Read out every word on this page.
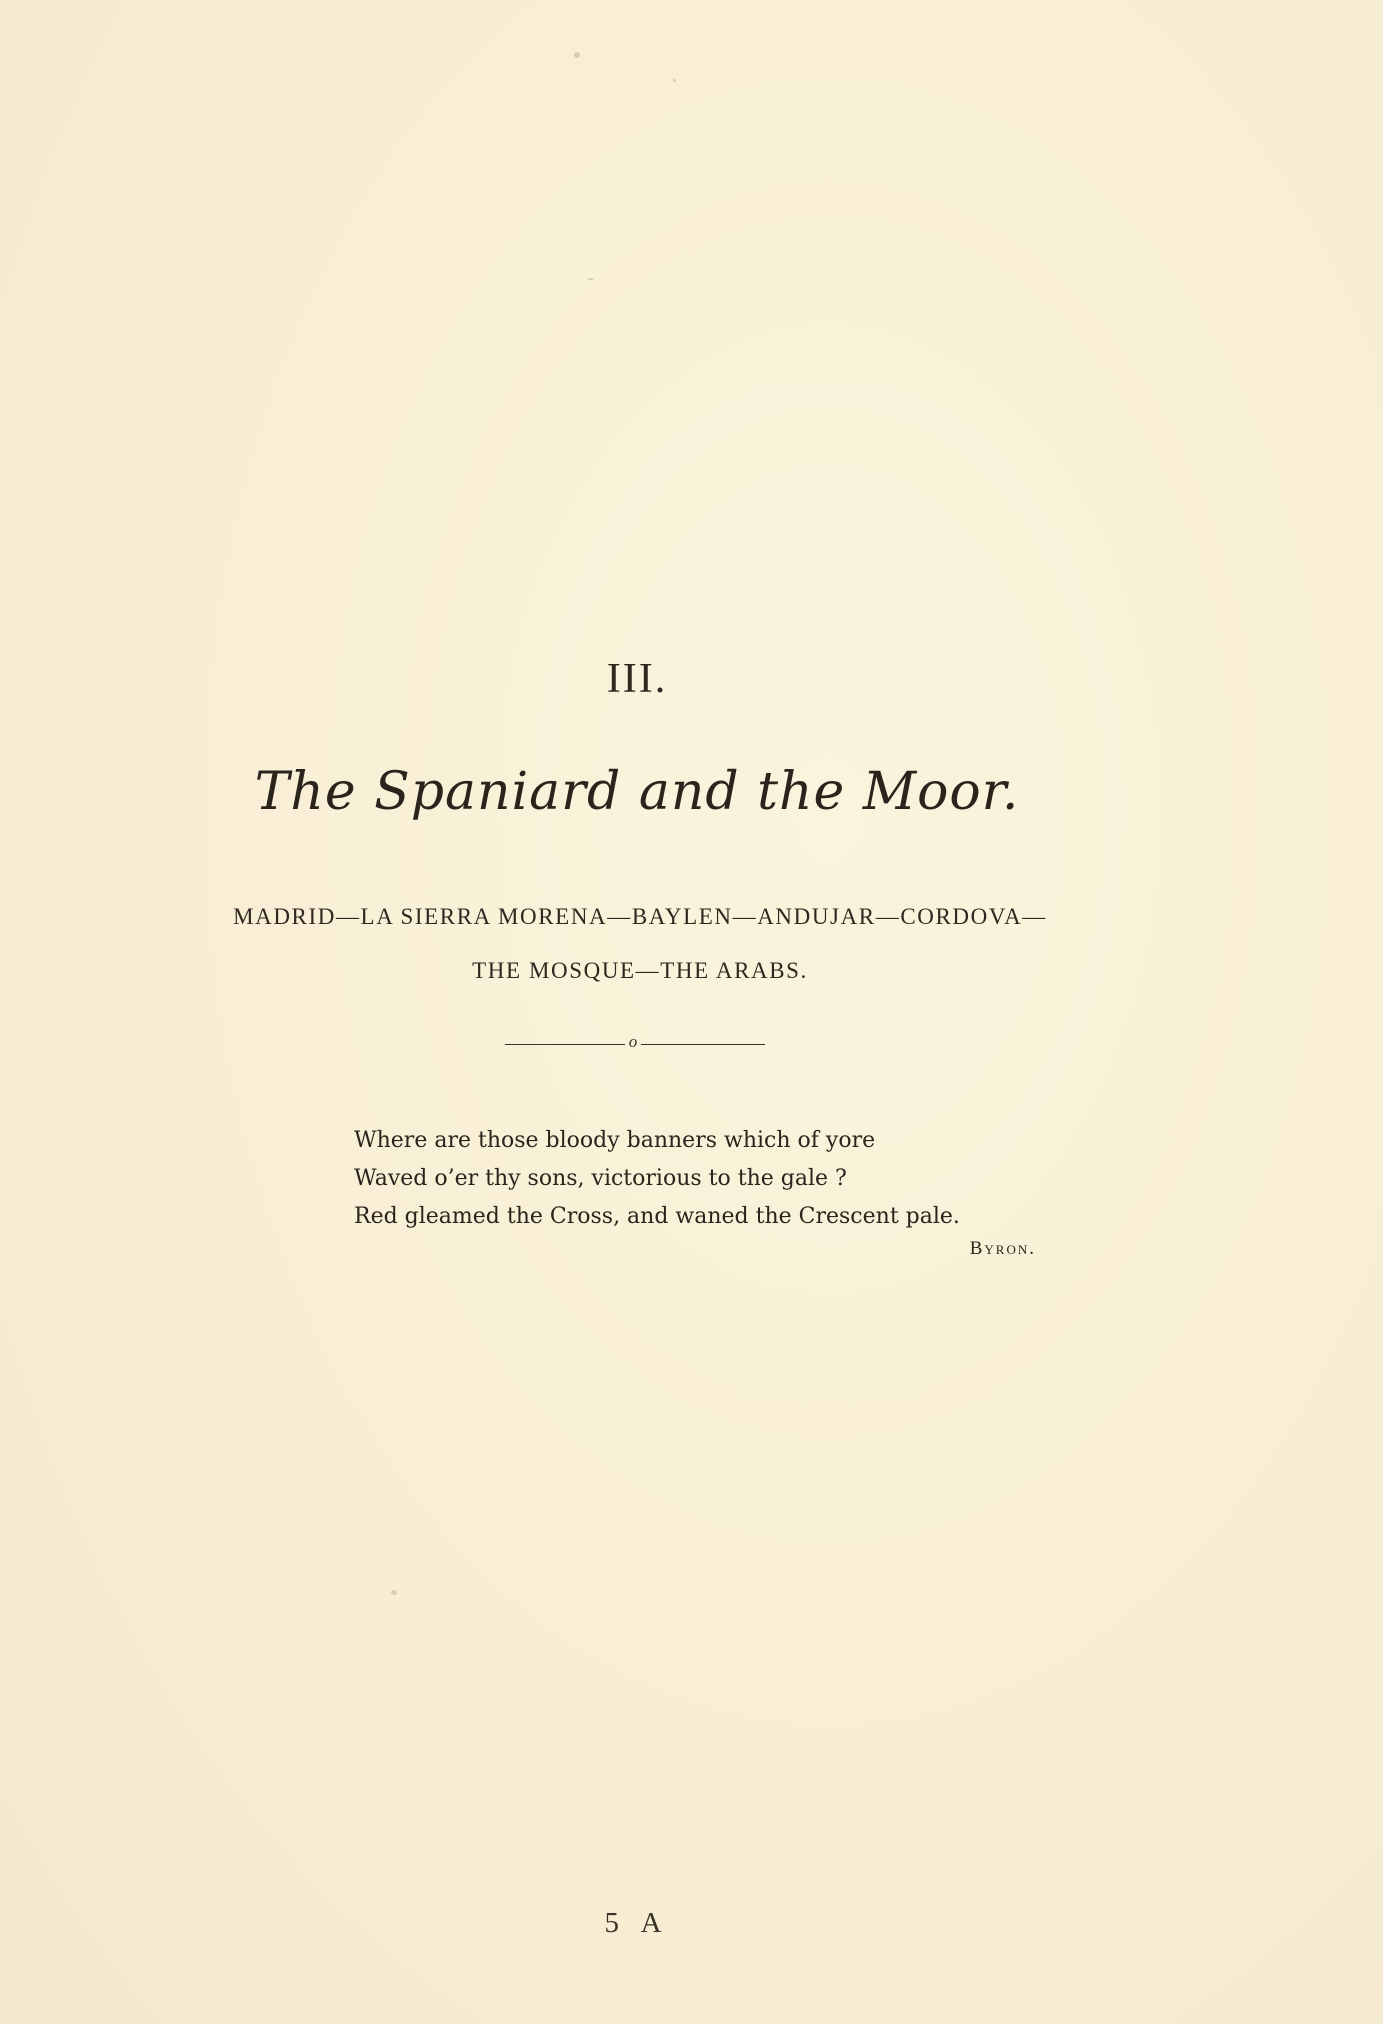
III.
The Spaniard and the Moor.
MADRID—LA SIERRA MORENA—BAYLEN—ANDUJAR—CORDOVA—
THE MOSQUE—THE ARABS.
o
Where are those bloody banners which of yore
Waved o’er thy sons, victorious to the gale ?
Red gleamed the Cross, and waned the Crescent pale.
Byron.
5 A
